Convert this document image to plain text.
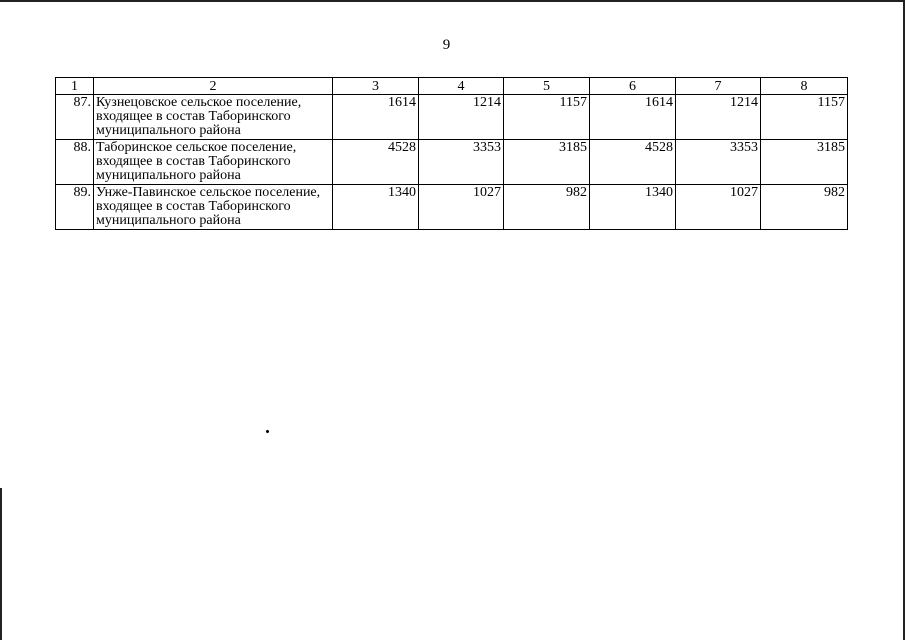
9
1	2	3	4	5	6	7	8
87.	Кузнецовское сельское поселение, входящее в состав Таборинского муниципального района	1614	1214	1157	1614	1214	1157
88.	Таборинское сельское поселение, входящее в состав Таборинского муниципального района	4528	3353	3185	4528	3353	3185
89.	Унже-Павинское сельское поселение, входящее в состав Таборинского муниципального района	1340	1027	982	1340	1027	982
